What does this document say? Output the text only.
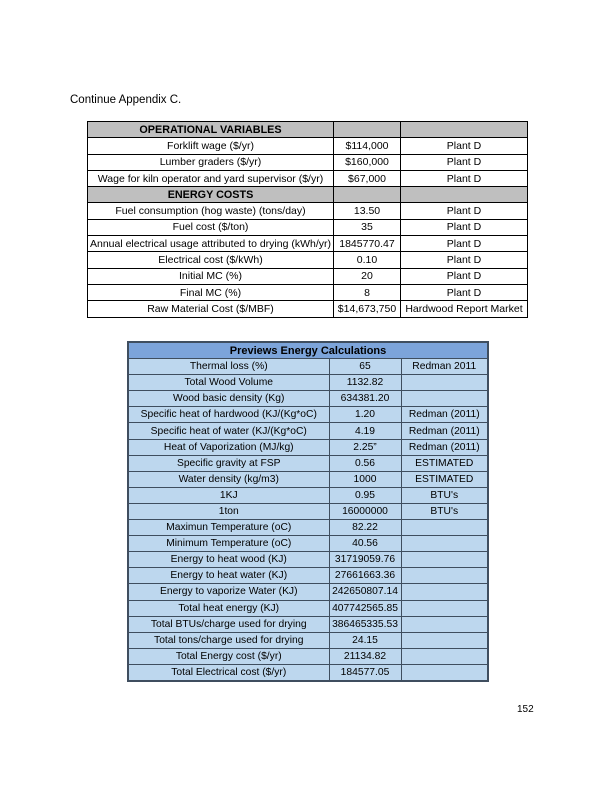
Continue Appendix C.
OPERATIONAL VARIABLES		
Forklift wage ($/yr)	$114,000	Plant D
Lumber graders ($/yr)	$160,000	Plant D
Wage for kiln operator and yard supervisor ($/yr)	$67,000	Plant D
ENERGY COSTS		
Fuel consumption (hog waste) (tons/day)	13.50	Plant D
Fuel cost ($/ton)	35	Plant D
Annual electrical usage attributed to drying (kWh/yr)	1845770.47	Plant D
Electrical cost ($/kWh)	0.10	Plant D
Initial MC (%)	20	Plant D
Final MC (%)	8	Plant D
Raw Material Cost ($/MBF)	$14,673,750	Hardwood Report Market
Previews Energy Calculations		
Thermal loss (%)	65	Redman 2011
Total Wood Volume	1132.82	
Wood basic density (Kg)	634381.20	
Specific heat of hardwood (KJ/(Kg*oC)	1.20	Redman (2011)
Specific heat of water (KJ/(Kg*oC)	4.19	Redman (2011)
Heat of Vaporization (MJ/kg)	2.25”	Redman (2011)
Specific gravity at FSP	0.56	ESTIMATED
Water density (kg/m3)	1000	ESTIMATED
1KJ	0.95	BTU's
1ton	16000000	BTU's
Maximun Temperature (oC)	82.22	
Minimum Temperature (oC)	40.56	
Energy to heat wood (KJ)	31719059.76	
Energy to heat water (KJ)	27661663.36	
Energy to vaporize Water (KJ)	242650807.14	
Total heat energy (KJ)	407742565.85	
Total BTUs/charge used for drying	386465335.53	
Total tons/charge used for drying	24.15	
Total Energy cost ($/yr)	21134.82	
Total Electrical cost ($/yr)	184577.05	
152
